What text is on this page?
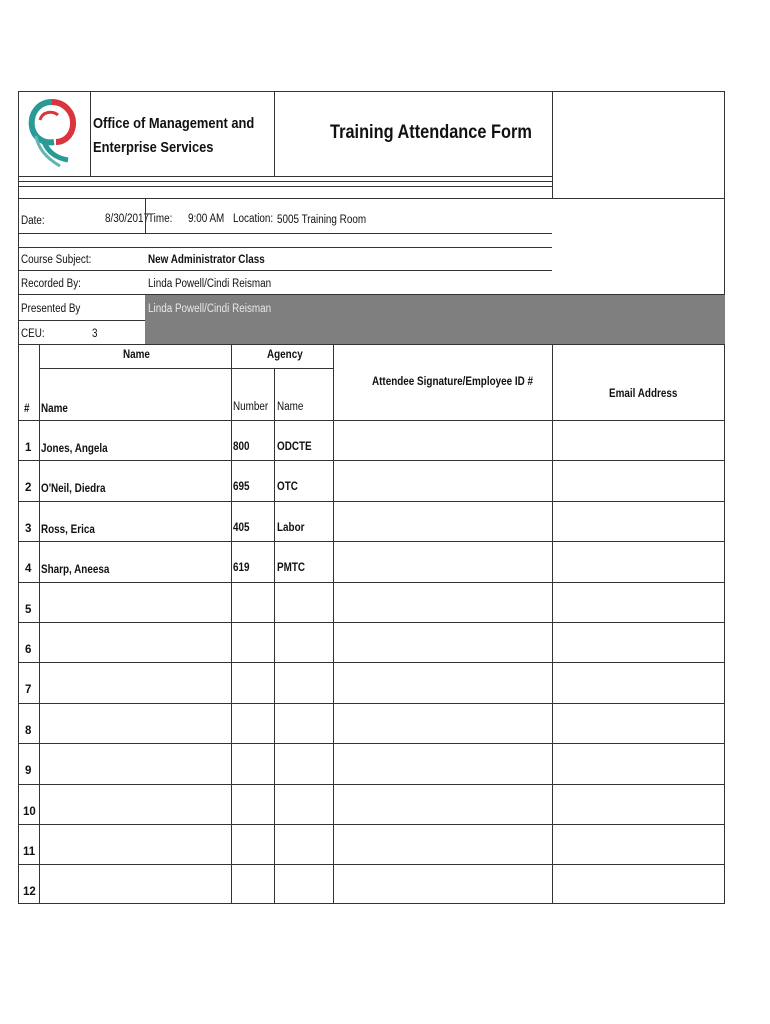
Office of Management and
Enterprise Services
Training Attendance Form
Date:	8/30/2017
Time: 9:00 AM Location: 5005 Training Room
Course Subject:	New Administrator Class
Recorded By:	Linda Powell/Cindi Reisman
Presented By	Linda Powell/Cindi Reisman
CEU:	3
Name	Agency
# Name	Number Name
Attendee Signature/Employee ID #
Email Address
1 Jones, Angela	800 ODCTE
2 O'Neil, Diedra	695 OTC
3 Ross, Erica	405 Labor
4 Sharp, Aneesa	619 PMTC
5
6
7
8
9
10
11
12
